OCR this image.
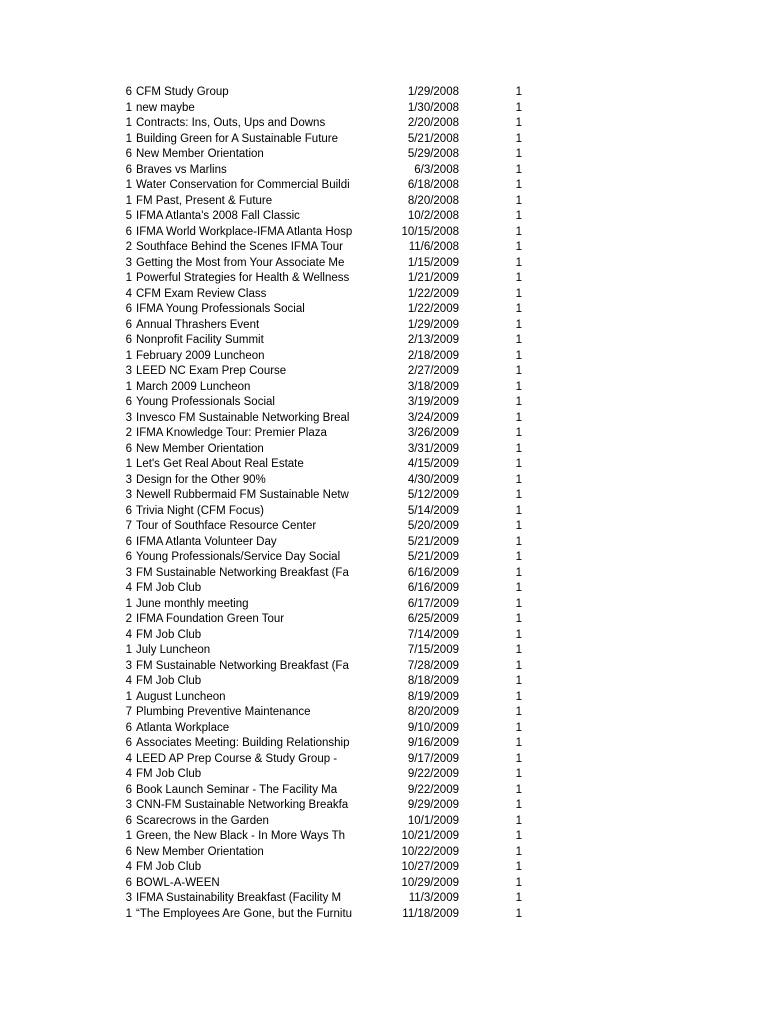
6 CFM Study Group	1/29/2008	1
1 new maybe	1/30/2008	1
1 Contracts: Ins, Outs, Ups and Downs	2/20/2008	1
1 Building Green for A Sustainable Future	5/21/2008	1
6 New Member Orientation	5/29/2008	1
6 Braves vs Marlins	6/3/2008	1
1 Water Conservation for Commercial Buildi	6/18/2008	1
1 FM Past, Present & Future	8/20/2008	1
5 IFMA Atlanta's 2008 Fall Classic	10/2/2008	1
6 IFMA World Workplace-IFMA Atlanta Hosp	10/15/2008	1
2 Southface Behind the Scenes IFMA Tour	11/6/2008	1
3 Getting the Most from Your Associate Me	1/15/2009	1
1 Powerful Strategies for Health & Wellness	1/21/2009	1
4 CFM Exam Review Class	1/22/2009	1
6 IFMA Young Professionals Social	1/22/2009	1
6 Annual Thrashers Event	1/29/2009	1
6 Nonprofit Facility Summit	2/13/2009	1
1 February 2009 Luncheon	2/18/2009	1
3 LEED NC Exam Prep Course	2/27/2009	1
1 March 2009 Luncheon	3/18/2009	1
6 Young Professionals Social	3/19/2009	1
3 Invesco FM Sustainable Networking Breal	3/24/2009	1
2 IFMA Knowledge Tour: Premier Plaza	3/26/2009	1
6 New Member Orientation	3/31/2009	1
1 Let's Get Real About Real Estate	4/15/2009	1
3 Design for the Other 90%	4/30/2009	1
3 Newell Rubbermaid FM Sustainable Netw	5/12/2009	1
6 Trivia Night (CFM Focus)	5/14/2009	1
7 Tour of Southface Resource Center	5/20/2009	1
6 IFMA Atlanta Volunteer Day	5/21/2009	1
6 Young Professionals/Service Day Social	5/21/2009	1
3 FM Sustainable Networking Breakfast (Fa	6/16/2009	1
4 FM Job Club	6/16/2009	1
1 June monthly meeting	6/17/2009	1
2 IFMA Foundation Green Tour	6/25/2009	1
4 FM Job Club	7/14/2009	1
1 July Luncheon	7/15/2009	1
3 FM Sustainable Networking Breakfast (Fa	7/28/2009	1
4 FM Job Club	8/18/2009	1
1 August Luncheon	8/19/2009	1
7 Plumbing Preventive Maintenance	8/20/2009	1
6 Atlanta Workplace	9/10/2009	1
6 Associates Meeting: Building Relationship	9/16/2009	1
4 LEED AP Prep Course & Study Group -	9/17/2009	1
4 FM Job Club	9/22/2009	1
6 Book Launch Seminar - The Facility Ma	9/22/2009	1
3 CNN-FM Sustainable Networking Breakfa	9/29/2009	1
6 Scarecrows in the Garden	10/1/2009	1
1 Green, the New Black - In More Ways Th	10/21/2009	1
6 New Member Orientation	10/22/2009	1
4 FM Job Club	10/27/2009	1
6 BOWL-A-WEEN	10/29/2009	1
3 IFMA Sustainability Breakfast (Facility M	11/3/2009	1
1 “The Employees Are Gone, but the Furnitu	11/18/2009	1
